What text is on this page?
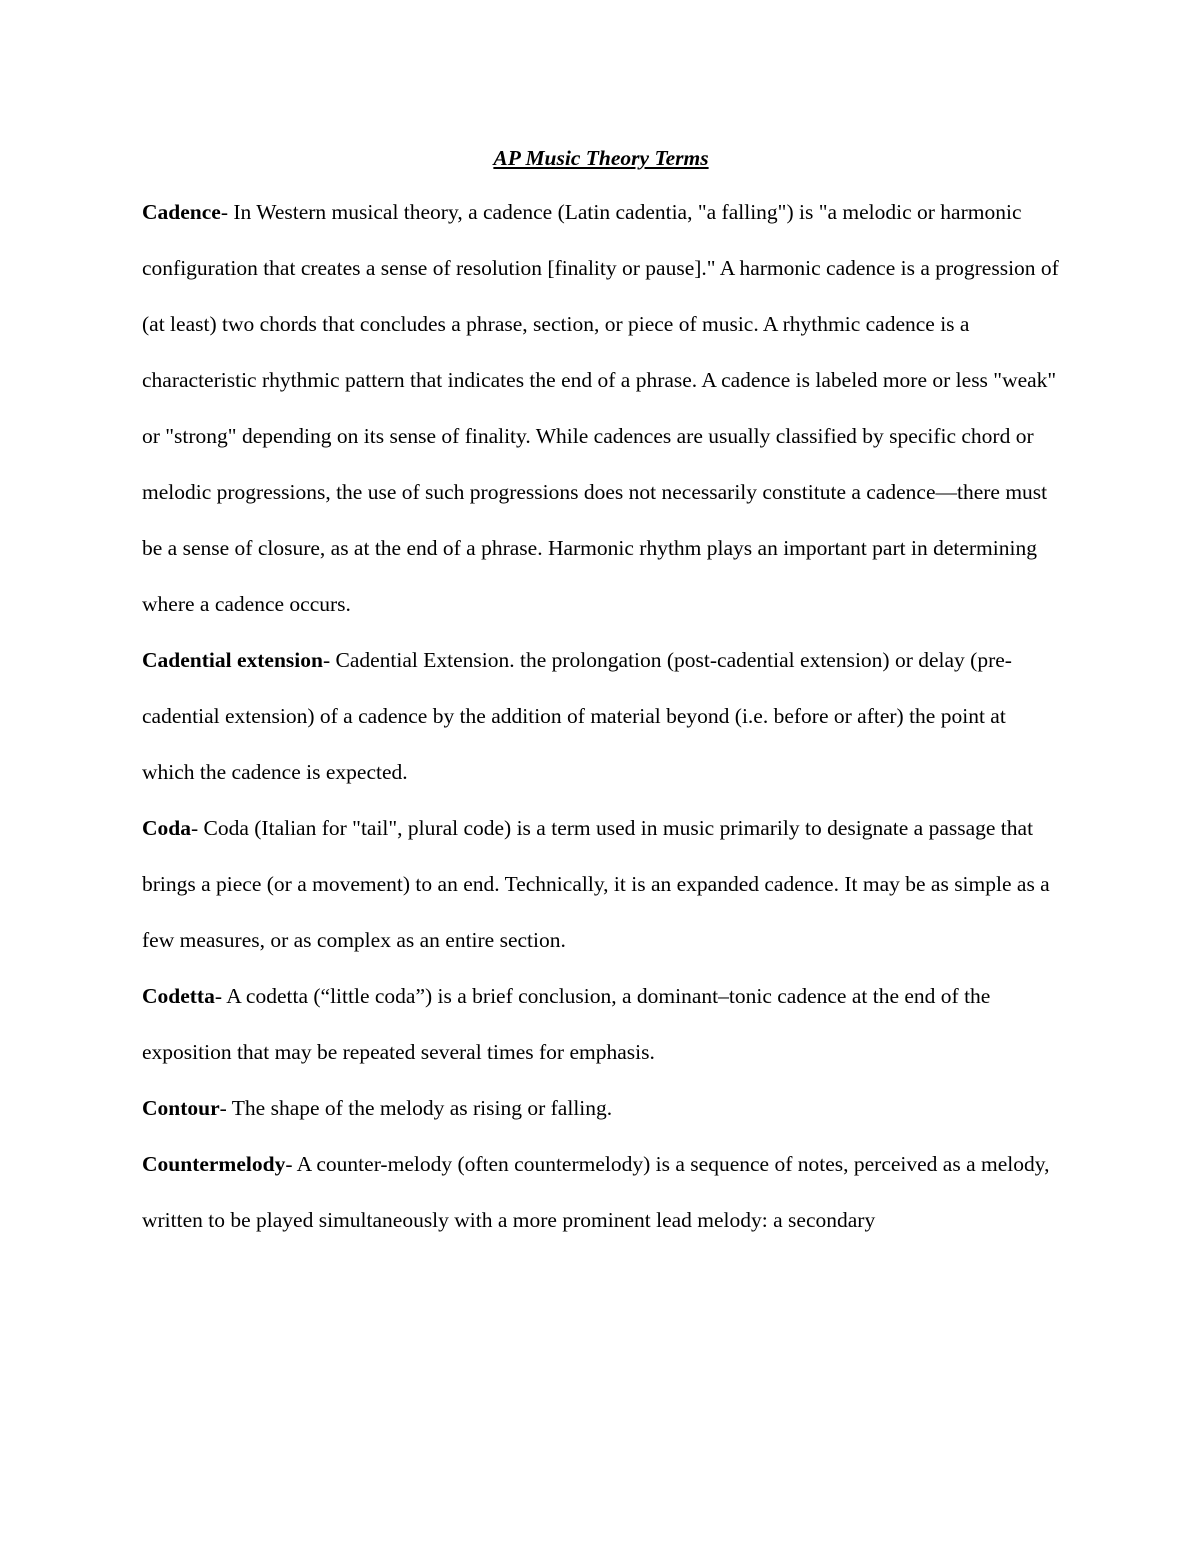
AP Music Theory Terms

Cadence- In Western musical theory, a cadence (Latin cadentia, "a falling") is "a melodic or harmonic configuration that creates a sense of resolution [finality or pause]." A harmonic cadence is a progression of (at least) two chords that concludes a phrase, section, or piece of music. A rhythmic cadence is a characteristic rhythmic pattern that indicates the end of a phrase. A cadence is labeled more or less "weak" or "strong" depending on its sense of finality. While cadences are usually classified by specific chord or melodic progressions, the use of such progressions does not necessarily constitute a cadence—there must be a sense of closure, as at the end of a phrase. Harmonic rhythm plays an important part in determining where a cadence occurs.

Cadential extension- Cadential Extension. the prolongation (post-cadential extension) or delay (pre-cadential extension) of a cadence by the addition of material beyond (i.e. before or after) the point at which the cadence is expected.

Coda- Coda (Italian for "tail", plural code) is a term used in music primarily to designate a passage that brings a piece (or a movement) to an end. Technically, it is an expanded cadence. It may be as simple as a few measures, or as complex as an entire section.

Codetta- A codetta (“little coda”) is a brief conclusion, a dominant–tonic cadence at the end of the exposition that may be repeated several times for emphasis.

Contour- The shape of the melody as rising or falling.

Countermelody- A counter-melody (often countermelody) is a sequence of notes, perceived as a melody, written to be played simultaneously with a more prominent lead melody: a secondary
